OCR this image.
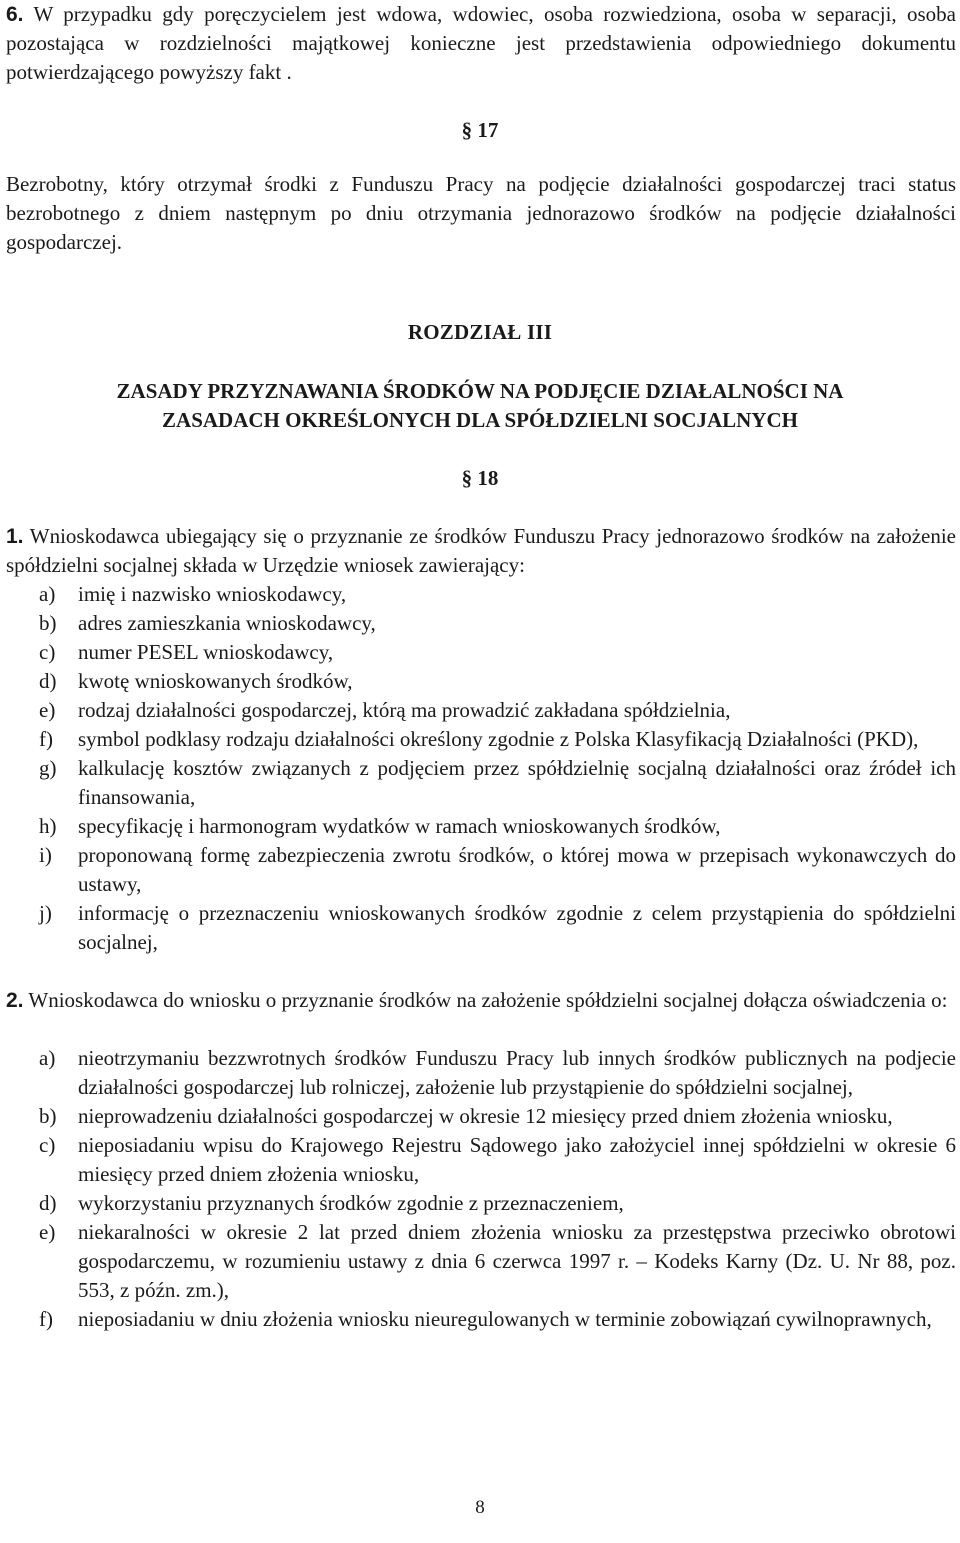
6. W przypadku gdy poręczycielem jest wdowa, wdowiec, osoba rozwiedziona, osoba w separacji, osoba pozostająca w rozdzielności majątkowej konieczne jest przedstawienia odpowiedniego dokumentu potwierdzającego powyższy fakt .
§ 17
Bezrobotny, który otrzymał środki z Funduszu Pracy na podjęcie działalności gospodarczej traci status bezrobotnego z dniem następnym po dniu otrzymania jednorazowo środków na podjęcie działalności gospodarczej.
ROZDZIAŁ III
ZASADY PRZYZNAWANIA ŚRODKÓW NA PODJĘCIE DZIAŁALNOŚCI NA
ZASADACH OKREŚLONYCH DLA SPÓŁDZIELNI SOCJALNYCH
§ 18
1. Wnioskodawca ubiegający się o przyznanie ze środków Funduszu Pracy jednorazowo środków na założenie spółdzielni socjalnej składa w Urzędzie wniosek zawierający:
a) imię i nazwisko wnioskodawcy,
b) adres zamieszkania wnioskodawcy,
c) numer PESEL wnioskodawcy,
d) kwotę wnioskowanych środków,
e) rodzaj działalności gospodarczej, którą ma prowadzić zakładana spółdzielnia,
f) symbol podklasy rodzaju działalności określony zgodnie z Polska Klasyfikacją Działalności (PKD),
g) kalkulację kosztów związanych z podjęciem przez spółdzielnię socjalną działalności oraz źródeł ich finansowania,
h) specyfikację i harmonogram wydatków w ramach wnioskowanych środków,
i) proponowaną formę zabezpieczenia zwrotu środków, o której mowa w przepisach wykonawczych do ustawy,
j) informację o przeznaczeniu wnioskowanych środków zgodnie z celem przystąpienia do spółdzielni socjalnej,
2. Wnioskodawca do wniosku o przyznanie środków na założenie spółdzielni socjalnej dołącza oświadczenia o:
a) nieotrzymaniu bezzwrotnych środków Funduszu Pracy lub innych środków publicznych na podjecie działalności gospodarczej lub rolniczej, założenie lub przystąpienie do spółdzielni socjalnej,
b) nieprowadzeniu działalności gospodarczej w okresie 12 miesięcy przed dniem złożenia wniosku,
c) nieposiadaniu wpisu do Krajowego Rejestru Sądowego jako założyciel innej spółdzielni w okresie 6 miesięcy przed dniem złożenia wniosku,
d) wykorzystaniu przyznanych środków zgodnie z przeznaczeniem,
e) niekaralności w okresie 2 lat przed dniem złożenia wniosku za przestępstwa przeciwko obrotowi gospodarczemu, w rozumieniu ustawy z dnia 6 czerwca 1997 r. – Kodeks Karny (Dz. U. Nr 88, poz. 553, z późn. zm.),
f) nieposiadaniu w dniu złożenia wniosku nieuregulowanych w terminie zobowiązań cywilnoprawnych,
8
